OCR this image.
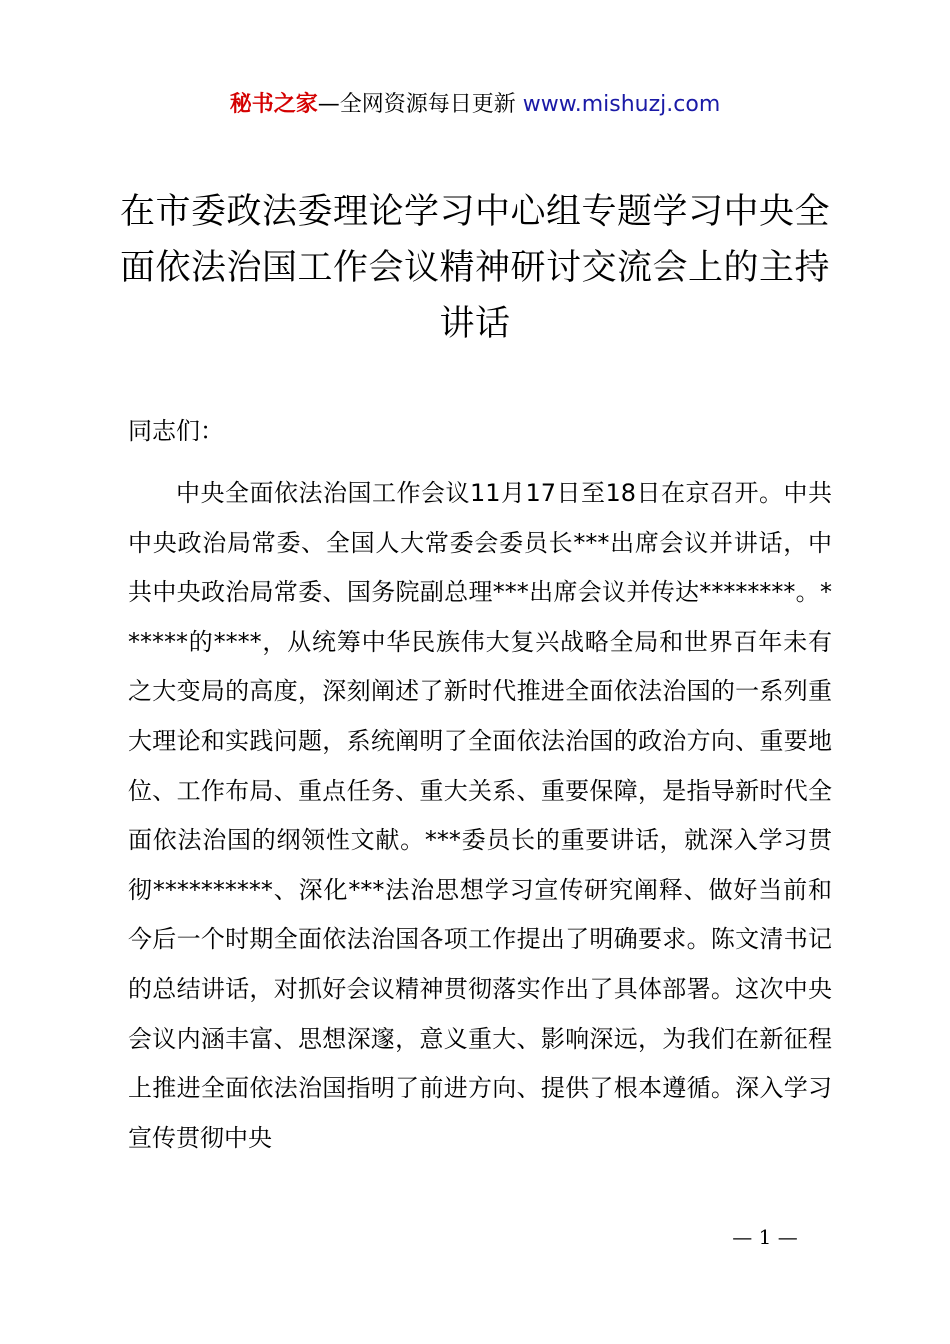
秘书之家—全网资源每日更新 www.mishuzj.com
在市委政法委理论学习中心组专题学习中央全面依法治国工作会议精神研讨交流会上的主持讲话

同志们：

中央全面依法治国工作会议11月17日至18日在京召开。中共中央政治局常委、全国人大常委会委员长***出席会议并讲话，中共中央政治局常委、国务院副总理***出席会议并传达********。******的****，从统筹中华民族伟大复兴战略全局和世界百年未有之大变局的高度，深刻阐述了新时代推进全面依法治国的一系列重大理论和实践问题，系统阐明了全面依法治国的政治方向、重要地位、工作布局、重点任务、重大关系、重要保障，是指导新时代全面依法治国的纲领性文献。***委员长的重要讲话，就深入学习贯彻**********、深化***法治思想学习宣传研究阐释、做好当前和今后一个时期全面依法治国各项工作提出了明确要求。陈文清书记的总结讲话，对抓好会议精神贯彻落实作出了具体部署。这次中央会议内涵丰富、思想深邃，意义重大、影响深远，为我们在新征程上推进全面依法治国指明了前进方向、提供了根本遵循。深入学习宣传贯彻中央

— 1 —
